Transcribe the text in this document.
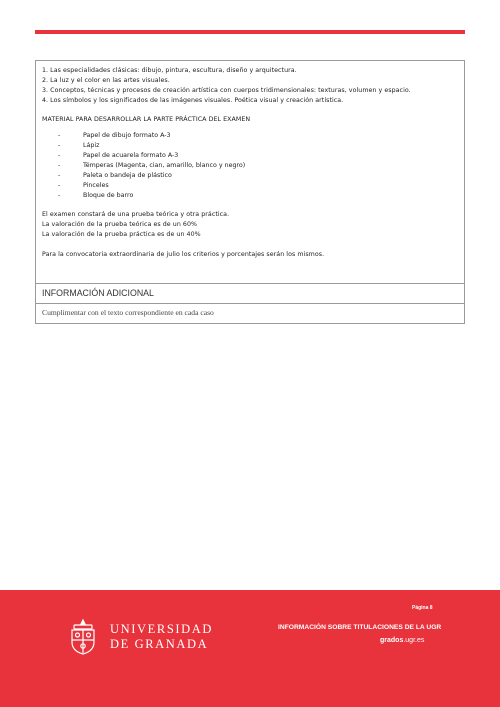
1. Las especialidades clásicas: dibujo, pintura, escultura, diseño y arquitectura.
2. La luz y el color en las artes visuales.
3. Conceptos, técnicas y procesos de creación artística con cuerpos tridimensionales: texturas, volumen y espacio.
4. Los símbolos y los significados de las imágenes visuales. Poética visual y creación artística.
MATERIAL PARA DESARROLLAR LA PARTE PRÁCTICA DEL EXAMEN
-	Papel de dibujo formato A-3
-	Lápiz
-	Papel de acuarela formato A-3
-	Témperas (Magenta, cian, amarillo, blanco y negro)
-	Paleta o bandeja de plástico
-	Pinceles
-	Bloque de barro
El examen constará de una prueba teórica y otra práctica.
La valoración de la prueba teórica es de un 60%
La valoración de la prueba práctica es de un 40%
Para la convocatoria extraordinaria de julio los criterios y porcentajes serán los mismos.
INFORMACIÓN ADICIONAL
Cumplimentar con el texto correspondiente en cada caso
UNIVERSIDAD
DE GRANADA
Página 8
INFORMACIÓN SOBRE TITULACIONES DE LA UGR
grados.ugr.es
